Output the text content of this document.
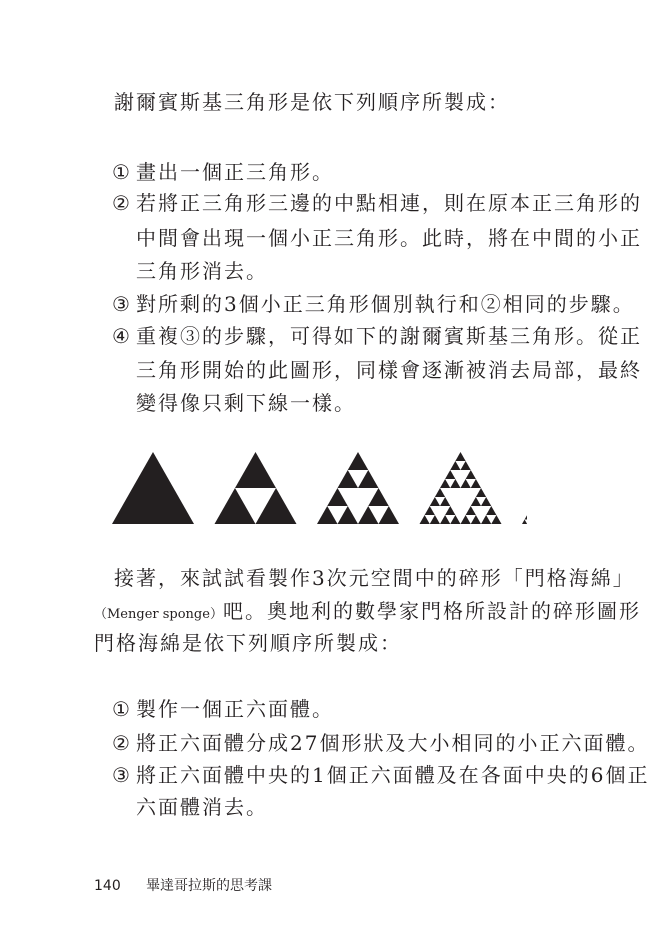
謝爾賓斯基三角形是依下列順序所製成：
① 畫出一個正三角形。
② 若將正三角形三邊的中點相連，則在原本正三角形的
中間會出現一個小正三角形。此時，將在中間的小正
三角形消去。
③ 對所剩的3個小正三角形個別執行和②相同的步驟。
④ 重複③的步驟，可得如下的謝爾賓斯基三角形。從正
三角形開始的此圖形，同樣會逐漸被消去局部，最終
變得像只剩下線一樣。
接著，來試試看製作3次元空間中的碎形「門格海綿」
（Menger sponge）吧。奧地利的數學家門格所設計的碎形圖形
門格海綿是依下列順序所製成：
① 製作一個正六面體。
② 將正六面體分成27個形狀及大小相同的小正六面體。
③ 將正六面體中央的1個正六面體及在各面中央的6個正
六面體消去。
140 畢達哥拉斯的思考課
